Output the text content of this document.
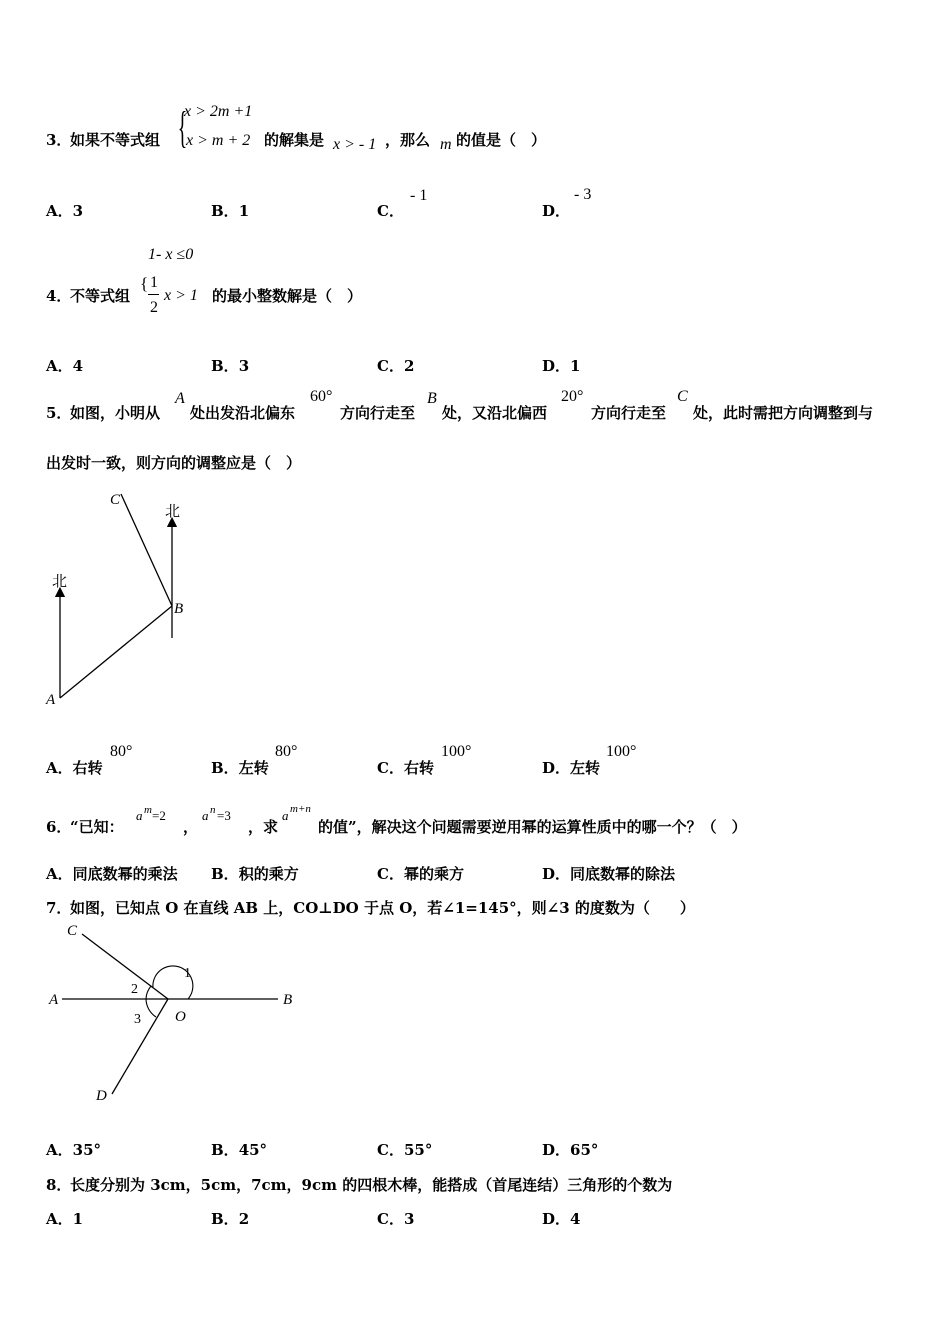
3．
如果不等式组 {
x > 2m +1
x > m + 2 的解集是 x > - 1 ，那么 m 的值是（　）
A．3	B．1	C．
- 1
D．
- 3
1- x ≤0
4．
不等式组
{ 1
2
x > 1 的最小整数解是（　）
A．4	B．3	C．2	D．1
5．
如图，小明从
A
处出发沿北偏东
60°
方向行走至
B
处，又沿北偏西
20°
方向行走至
C
处，此时需把方向调整到与
出发时一致，则方向的调整应是（　）
北
北
A
B
C
A．右转
80°
B．左转
80°
C．右转
100°
D．左转
100°
6．
“已知：
a m =2
，
a n =3
，求
a m+n
的值”，解决这个问题需要逆用幂的运算性质中的哪一个？（　）
A．同底数幂的乘法 B．积的乘方	C．幂的乘方	D．同底数幂的除法
7．
如图，已知点 O 在直线 AB 上，CO⊥DO 于点 O，若∠1=145°，则∠3 的度数为（　　）
C
A	B
O
D
1
2
3
A．35°	B．45°	C．55°	D．65°
8．
长度分别为 3cm，5cm，7cm，9cm 的四根木棒，能搭成（首尾连结）三角形的个数为
A．1	B．2	C．3	D．4
